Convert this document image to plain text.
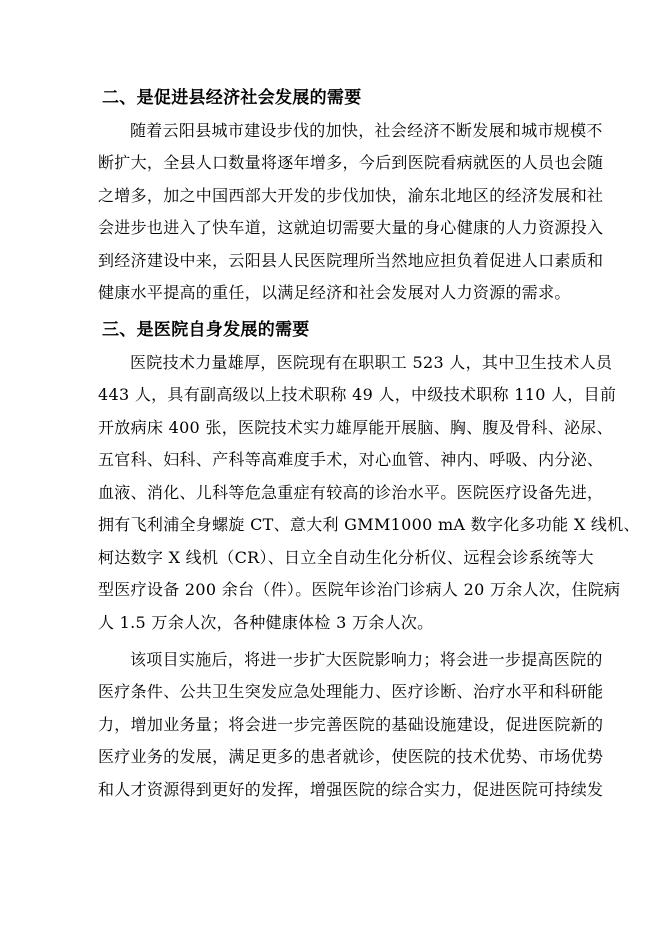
二、是促进县经济社会发展的需要
随着云阳县城市建设步伐的加快，社会经济不断发展和城市规模不
断扩大，全县人口数量将逐年增多，今后到医院看病就医的人员也会随
之增多，加之中国西部大开发的步伐加快，渝东北地区的经济发展和社
会进步也进入了快车道，这就迫切需要大量的身心健康的人力资源投入
到经济建设中来，云阳县人民医院理所当然地应担负着促进人口素质和
健康水平提高的重任，以满足经济和社会发展对人力资源的需求。
三、是医院自身发展的需要
医院技术力量雄厚，医院现有在职职工 523 人，其中卫生技术人员
443 人，具有副高级以上技术职称 49 人，中级技术职称 110 人，目前
开放病床 400 张，医院技术实力雄厚能开展脑、胸、腹及骨科、泌尿、
五官科、妇科、产科等高难度手术，对心血管、神内、呼吸、内分泌、
血液、消化、儿科等危急重症有较高的诊治水平。医院医疗设备先进，
拥有飞利浦全身螺旋 CT、意大利 GMM1000 mA 数字化多功能 X 线机、
柯达数字 X 线机（CR）、日立全自动生化分析仪、远程会诊系统等大
型医疗设备 200 余台（件）。医院年诊治门诊病人 20 万余人次，住院病
人 1.5 万余人次，各种健康体检 3 万余人次。
该项目实施后，将进一步扩大医院影响力；将会进一步提高医院的
医疗条件、公共卫生突发应急处理能力、医疗诊断、治疗水平和科研能
力，增加业务量；将会进一步完善医院的基础设施建设，促进医院新的
医疗业务的发展，满足更多的患者就诊，使医院的技术优势、市场优势
和人才资源得到更好的发挥，增强医院的综合实力，促进医院可持续发
